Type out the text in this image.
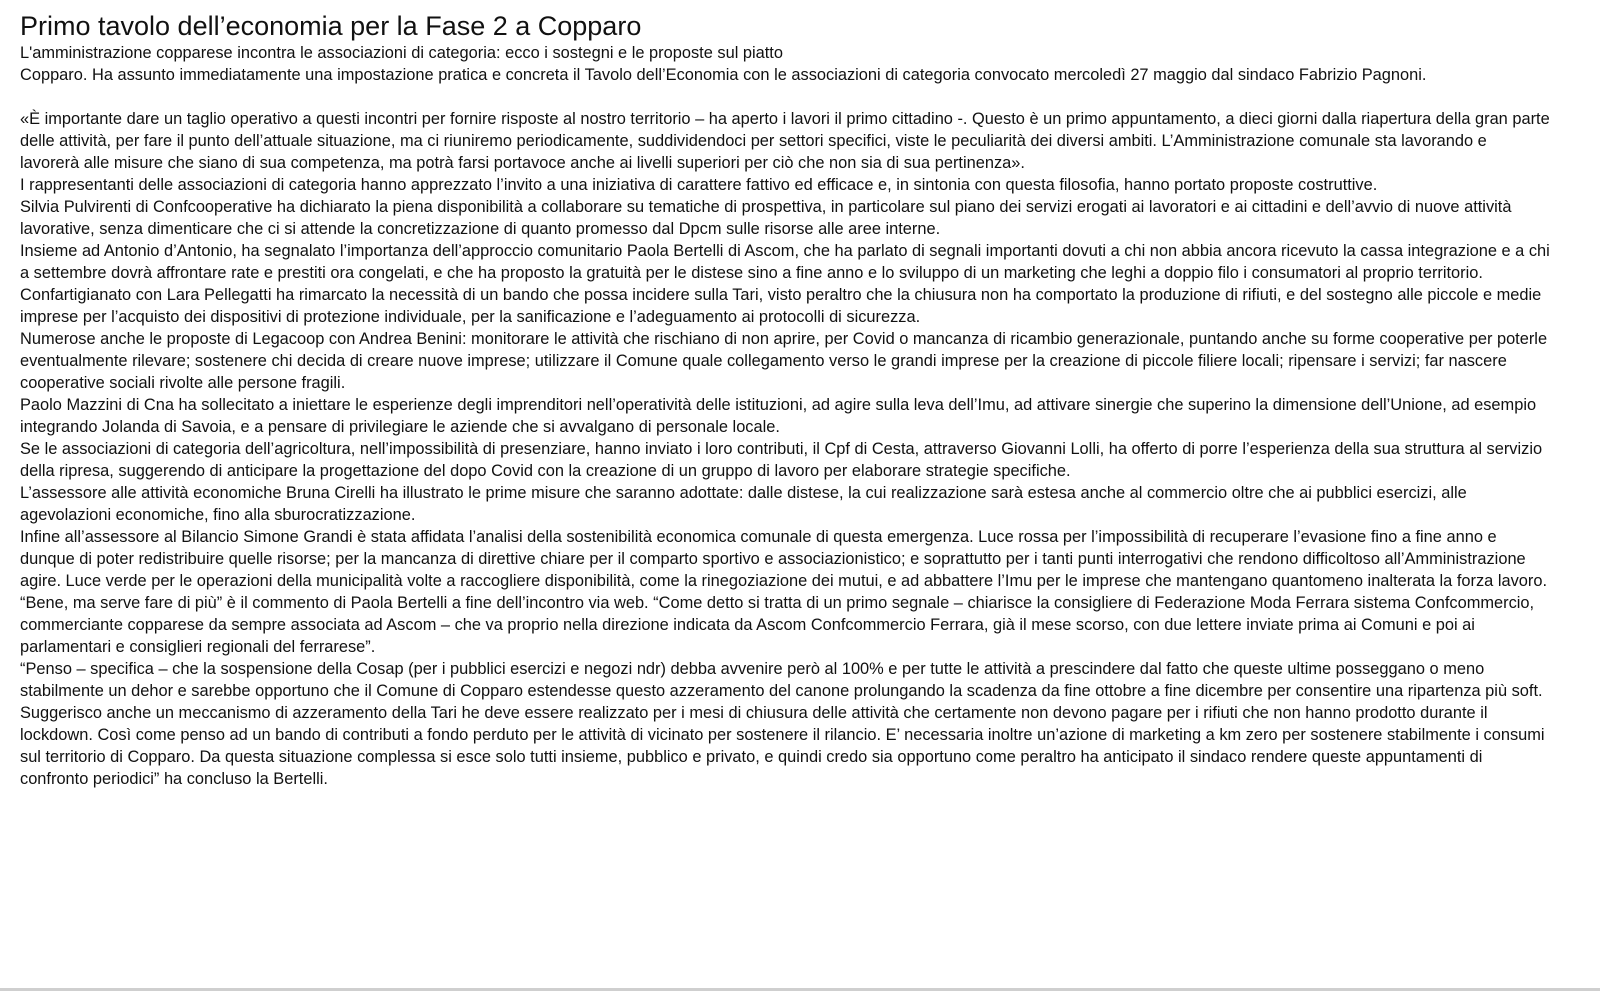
Primo tavolo dell’economia per la Fase 2 a Copparo

L'amministrazione copparese incontra le associazioni di categoria: ecco i sostegni e le proposte sul piatto

Copparo. Ha assunto immediatamente una impostazione pratica e concreta il Tavolo dell’Economia con le associazioni di categoria convocato mercoledì 27 maggio dal sindaco Fabrizio Pagnoni.

«È importante dare un taglio operativo a questi incontri per fornire risposte al nostro territorio – ha aperto i lavori il primo cittadino -. Questo è un primo appuntamento, a dieci giorni dalla riapertura della gran parte delle attività, per fare il punto dell’attuale situazione, ma ci riuniremo periodicamente, suddividendoci per settori specifici, viste le peculiarità dei diversi ambiti. L’Amministrazione comunale sta lavorando e lavorerà alle misure che siano di sua competenza, ma potrà farsi portavoce anche ai livelli superiori per ciò che non sia di sua pertinenza».

I rappresentanti delle associazioni di categoria hanno apprezzato l’invito a una iniziativa di carattere fattivo ed efficace e, in sintonia con questa filosofia, hanno portato proposte costruttive.

Silvia Pulvirenti di Confcooperative ha dichiarato la piena disponibilità a collaborare su tematiche di prospettiva, in particolare sul piano dei servizi erogati ai lavoratori e ai cittadini e dell’avvio di nuove attività lavorative, senza dimenticare che ci si attende la concretizzazione di quanto promesso dal Dpcm sulle risorse alle aree interne.

Insieme ad Antonio d’Antonio, ha segnalato l’importanza dell’approccio comunitario Paola Bertelli di Ascom, che ha parlato di segnali importanti dovuti a chi non abbia ancora ricevuto la cassa integrazione e a chi a settembre dovrà affrontare rate e prestiti ora congelati, e che ha proposto la gratuità per le distese sino a fine anno e lo sviluppo di un marketing che leghi a doppio filo i consumatori al proprio territorio.

Confartigianato con Lara Pellegatti ha rimarcato la necessità di un bando che possa incidere sulla Tari, visto peraltro che la chiusura non ha comportato la produzione di rifiuti, e del sostegno alle piccole e medie imprese per l’acquisto dei dispositivi di protezione individuale, per la sanificazione e l’adeguamento ai protocolli di sicurezza.

Numerose anche le proposte di Legacoop con Andrea Benini: monitorare le attività che rischiano di non aprire, per Covid o mancanza di ricambio generazionale, puntando anche su forme cooperative per poterle eventualmente rilevare; sostenere chi decida di creare nuove imprese; utilizzare il Comune quale collegamento verso le grandi imprese per la creazione di piccole filiere locali; ripensare i servizi; far nascere cooperative sociali rivolte alle persone fragili.

Paolo Mazzini di Cna ha sollecitato a iniettare le esperienze degli imprenditori nell’operatività delle istituzioni, ad agire sulla leva dell’Imu, ad attivare sinergie che superino la dimensione dell’Unione, ad esempio integrando Jolanda di Savoia, e a pensare di privilegiare le aziende che si avvalgano di personale locale.

Se le associazioni di categoria dell’agricoltura, nell’impossibilità di presenziare, hanno inviato i loro contributi, il Cpf di Cesta, attraverso Giovanni Lolli, ha offerto di porre l’esperienza della sua struttura al servizio della ripresa, suggerendo di anticipare la progettazione del dopo Covid con la creazione di un gruppo di lavoro per elaborare strategie specifiche.

L’assessore alle attività economiche Bruna Cirelli ha illustrato le prime misure che saranno adottate: dalle distese, la cui realizzazione sarà estesa anche al commercio oltre che ai pubblici esercizi, alle agevolazioni economiche, fino alla sburocratizzazione.

Infine all’assessore al Bilancio Simone Grandi è stata affidata l’analisi della sostenibilità economica comunale di questa emergenza. Luce rossa per l’impossibilità di recuperare l’evasione fino a fine anno e dunque di poter redistribuire quelle risorse; per la mancanza di direttive chiare per il comparto sportivo e associazionistico; e soprattutto per i tanti punti interrogativi che rendono difficoltoso all’Amministrazione agire. Luce verde per le operazioni della municipalità volte a raccogliere disponibilità, come la rinegoziazione dei mutui, e ad abbattere l’Imu per le imprese che mantengano quantomeno inalterata la forza lavoro.

“Bene, ma serve fare di più” è il commento di Paola Bertelli a fine dell’incontro via web. “Come detto si tratta di un primo segnale – chiarisce la consigliere di Federazione Moda Ferrara sistema Confcommercio, commerciante copparese da sempre associata ad Ascom – che va proprio nella direzione indicata da Ascom Confcommercio Ferrara, già il mese scorso, con due lettere inviate prima ai Comuni e poi ai parlamentari e consiglieri regionali del ferrarese”.

“Penso – specifica – che la sospensione della Cosap (per i pubblici esercizi e negozi ndr) debba avvenire però al 100% e per tutte le attività a prescindere dal fatto che queste ultime posseggano o meno stabilmente un dehor e sarebbe opportuno che il Comune di Copparo estendesse questo azzeramento del canone prolungando la scadenza da fine ottobre a fine dicembre per consentire una ripartenza più soft. Suggerisco anche un meccanismo di azzeramento della Tari he deve essere realizzato per i mesi di chiusura delle attività che certamente non devono pagare per i rifiuti che non hanno prodotto durante il lockdown. Così come penso ad un bando di contributi a fondo perduto per le attività di vicinato per sostenere il rilancio. E’ necessaria inoltre un’azione di marketing a km zero per sostenere stabilmente i consumi sul territorio di Copparo. Da questa situazione complessa si esce solo tutti insieme, pubblico e privato, e quindi credo sia opportuno come peraltro ha anticipato il sindaco rendere queste appuntamenti di confronto periodici” ha concluso la Bertelli.
